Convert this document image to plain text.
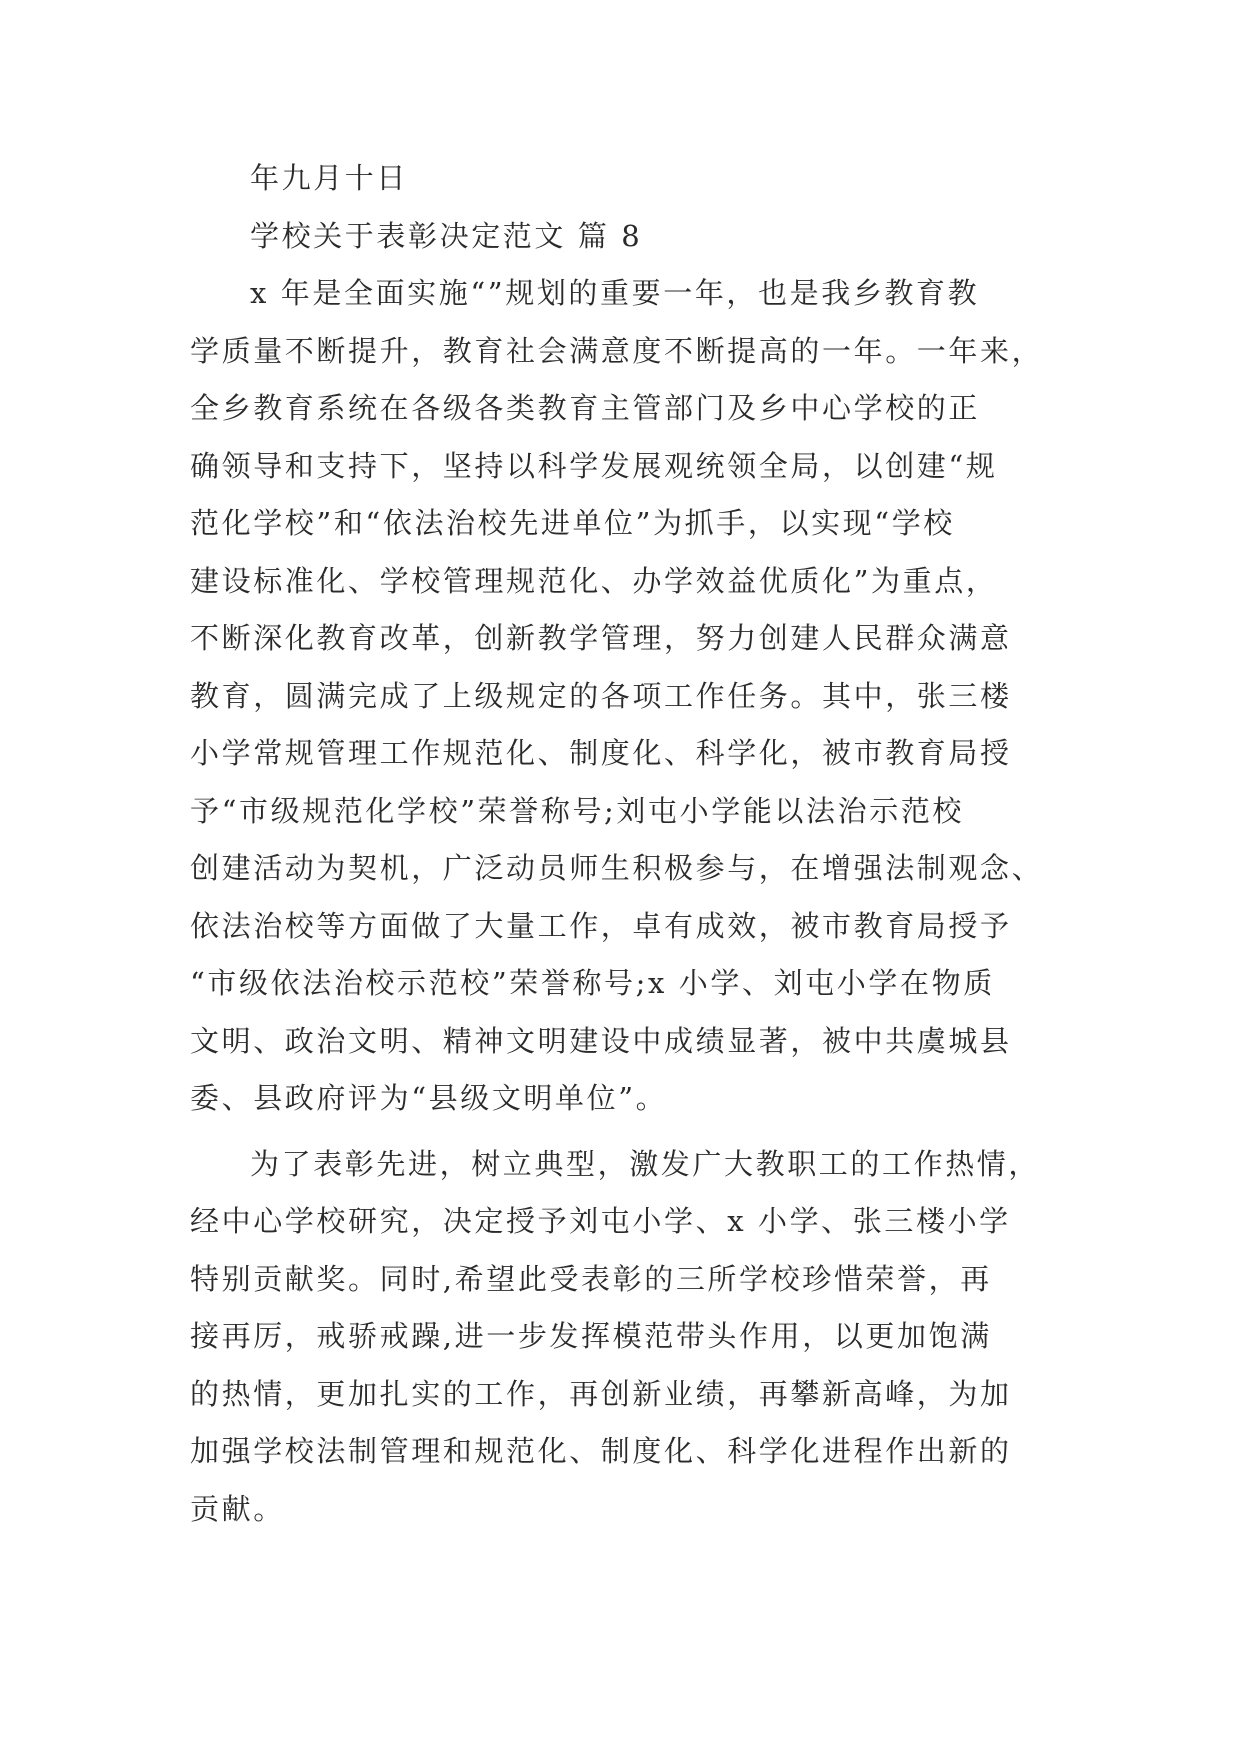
年九月十日
学校关于表彰决定范文 篇 8
x 年是全面实施“”规划的重要一年，也是我乡教育教
学质量不断提升，教育社会满意度不断提高的一年。一年来，
全乡教育系统在各级各类教育主管部门及乡中心学校的正
确领导和支持下，坚持以科学发展观统领全局，以创建“规
范化学校”和“依法治校先进单位”为抓手，以实现“学校
建设标准化、学校管理规范化、办学效益优质化”为重点，
不断深化教育改革，创新教学管理，努力创建人民群众满意
教育，圆满完成了上级规定的各项工作任务。其中，张三楼
小学常规管理工作规范化、制度化、科学化，被市教育局授
予“市级规范化学校”荣誉称号;刘屯小学能以法治示范校
创建活动为契机，广泛动员师生积极参与，在增强法制观念、
依法治校等方面做了大量工作，卓有成效，被市教育局授予
“市级依法治校示范校”荣誉称号;x 小学、刘屯小学在物质
文明、政治文明、精神文明建设中成绩显著，被中共虞城县
委、县政府评为“县级文明单位”。
为了表彰先进，树立典型，激发广大教职工的工作热情，
经中心学校研究，决定授予刘屯小学、x 小学、张三楼小学
特别贡献奖。同时,希望此受表彰的三所学校珍惜荣誉，再
接再厉，戒骄戒躁,进一步发挥模范带头作用，以更加饱满
的热情，更加扎实的工作，再创新业绩，再攀新高峰，为加
加强学校法制管理和规范化、制度化、科学化进程作出新的
贡献。
